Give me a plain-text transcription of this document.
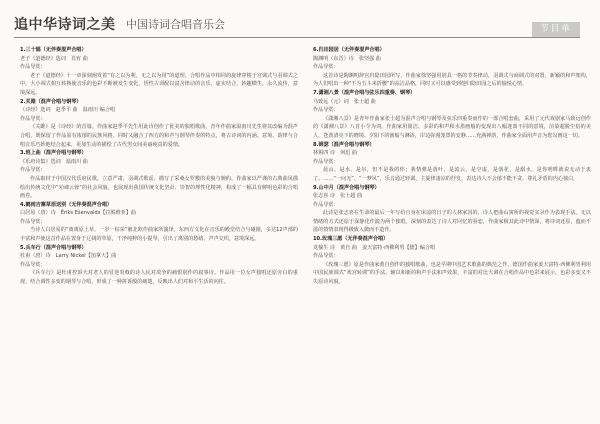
追中华诗词之美 中国诗词合唱音乐会	节目单

1.三十辐（无伴奏混声合唱）

老子《道德经》选词　肖宥 曲

作品导赏：

老子《道德经》十一章深刻阐发着“有之以为利，无之以为用”的道理。合唱作品中相同的旋律穿梭于宫调式与羽调式之中，大小调式相互转换使音乐的色彩不断被发生变化，悟性古训配以富含律动的音乐，虚实结合，妙趣横生，永久流传，意境深远。

2.关雎（混声合唱与钢琴）

《诗经》选词　赵季平 曲　温雨川 编合唱

作品导赏：

《关雎》是《诗经》的首篇。作曲家赵季平先生用此诗创作了优美的独唱歌曲，青年作曲家温雨川先生将其改编为混声合唱，既保留了作品原有浓郁的民族风格，同时又融合了西方的和声与钢琴伴奏的特点，将古诗词的内涵、意境、韵律与合唱音乐巧妙地结合起来，更加生动的描绘了古代男女间美丽纯真的爱情。

3.班上曲（混声合唱与钢琴）

《乐府诗集》选词　温雨川 曲

作品导赏：

作品取材于中国汉代乐府民歌，立意严肃，羽调式歌谣，描写了采桑女罗敷的美貌与婉约。作曲家以严谨的古典曲风描绘出传统文化中“劝谏云蓉”的社会风貌，也展现出我国传统文化坚贞、崇智的理性化精神，构成了一幅具有鲜明色彩的合唱画卷。

4.鹤雨吉寨草原送别（无伴奏混声合唱）

白居易（唐）诗　Ēriks Ešenvalds【拉脱维亚】曲

作品导赏：

当诗人白居易的“离离原上草，一岁一枯荣”被北欧作曲家所演绎，东西方文化在音乐的殿堂结合与碰撞，多达12声部的丰富和声使这首作品在置身于辽阔的草原，干净纯粹的小提琴，引出了离别的愁绪、声声交织，意境深远。

5.兵车行（混声合唱与钢琴）

杜甫（唐）诗　Larry Nickel【加拿大】曲

作品导赏：

《兵车行》是杜甫控诉天对老人的冒逆炎戟的诗人民对故争的痛恨别作的叙事诗。作品用一位女声独唱还原旁白的重现，结合调性多变的钢琴与合唱，形成了一种拼诉般的痛楚，反映出人们对和平生活的向往。

6.归田园居（无伴奏混声合唱）

陶渊明（东晋）诗　张坚强 曲

作品导赏：

这首诗是陶渊明辞官归隐田园所写，作曲家徐坚强用别具一格的节奏律动，羽调式与商调式的对置，新颖的和声架构，为人们唱出一种“不为五斗米折腰”的高洁品格，同时又可以感受到他归隐田园之后的愉悦心情。

7.潇湘八景（混声合唱与弦乐四重奏、钢琴）

马致远（元）词　张士超 曲

作品导赏：

《潇湘八景》是青年作曲家张士超为混声合唱与钢琴及弦乐四重奏而作的一部合唱套曲，采用了元代戏剧家马致远创作的《潇湘八景》八首小令为词。作曲家用简洁、多彩的和声和水墨画般的变现出八幅迷离不同的意境，渲染超脱尘俗的美人，苍劲清亮下的晓境、夕阳下的渔船与淋浴，岸边弥漫笼罩的安静……充满禅韵，作曲家全面用声音为您勾画这一切。

8.锦瑟（混声合唱与钢琴）

林锡四 诗　何迅 曲

作品导赏：

晨山、是水、是尔，但不是我的你；我情弹是落叶，是流云，是空虚，是落花，是溺水，是你明眸就说无动于衷了。……“一问无”、“一梦风”，乐音通过轻调，主旋律凄凉的抒发，表达诗人不会郁不能不贪，尊礼矛盾的内心独白。

9.山中月（混声合唱与钢琴）

张志喜 诗　张士超 曲

作品导赏：

此诗是张志喜在生命的最后一年写给自身在床前的日子的人林家国的，诗人把曲山寓所的视觉实录作为表现手法。无以情绪的方式还原于深静化作演为两个独唱，深刻的表达了诗人对回忆的眷恋，作曲家极其此诗中情深，将诗词还原，蕴而不滋的情情表现得极致入微而不造作。

10.玫瑰三愿（无伴奏混声合唱）

龙榆生 诗　黄自 曲　姜天富特·西佛利男【德】编合唱

作品导赏：

《玫瑰三愿》原是作曲家黄自创作的独唱歌曲，也是早期中国艺术歌曲的典范之作，德国作曲家姜天富特·西佛利男利用中国民族调式“欢宫转调”的手法，辅以和新的和声手法和声效果，丰富的对比大调在合唱作品中色彩来展示，色彩多变又不失原诗风貌。
